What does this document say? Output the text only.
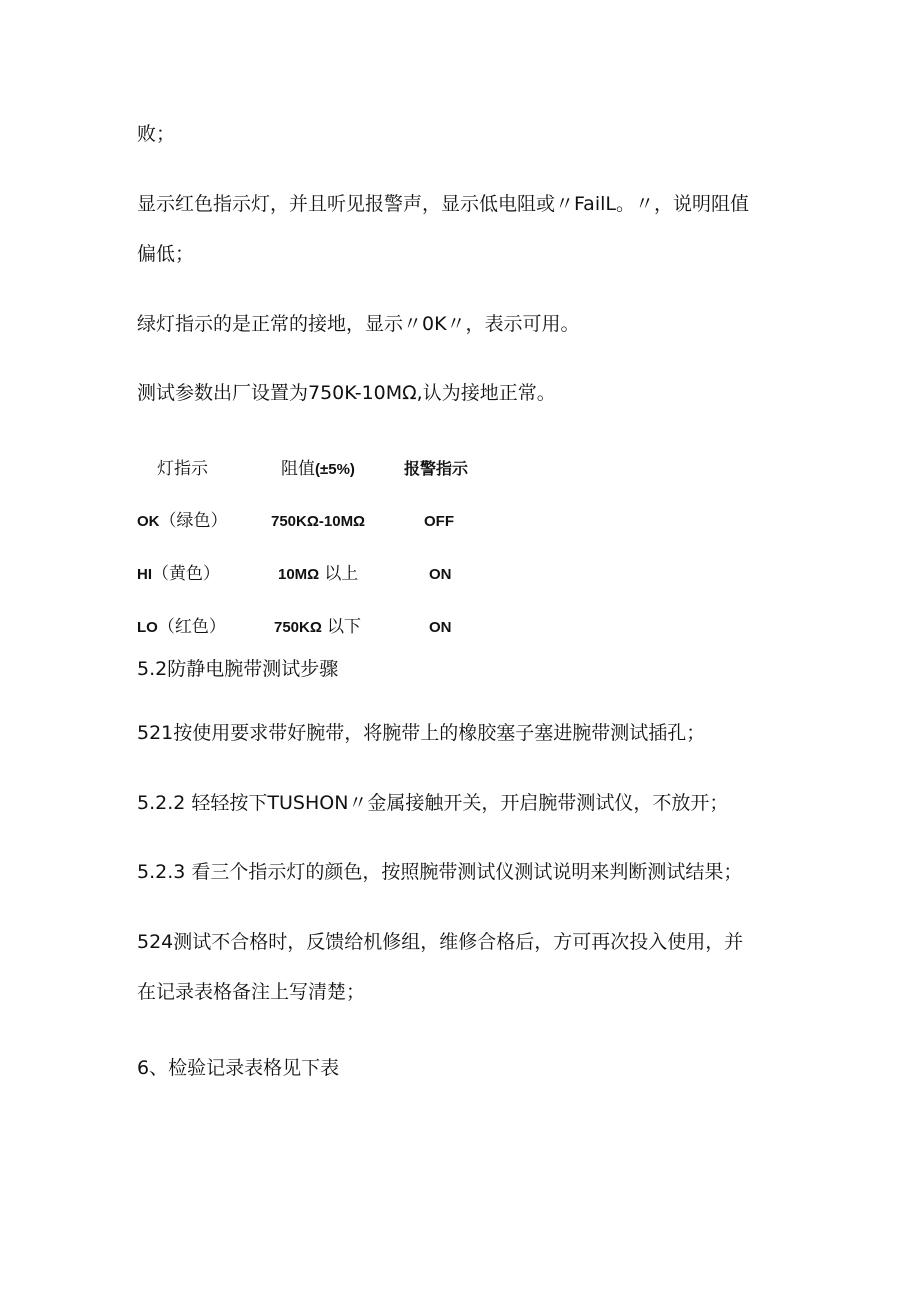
败；

显示红色指示灯，并且听见报警声，显示低电阻或〃FailL。〃，说明阻值

偏低；

绿灯指示的是正常的接地，显示〃0K〃，表示可用。

测试参数出厂设置为750K-10MΩ,认为接地正常。

灯指示	阻值(±5%)	报警指示
OK（绿色）	750KΩ-10MΩ	OFF
HI（黄色）	10MΩ 以上	ON
LO（红色）	750KΩ 以下	ON

5.2防静电腕带测试步骤

521按使用要求带好腕带，将腕带上的橡胶塞子塞进腕带测试插孔；

5.2.2 轻轻按下TUSHON〃金属接触开关，开启腕带测试仪，不放开；

5.2.3 看三个指示灯的颜色，按照腕带测试仪测试说明来判断测试结果；

524测试不合格时，反馈给机修组，维修合格后，方可再次投入使用，并

在记录表格备注上写清楚；

6、检验记录表格见下表
